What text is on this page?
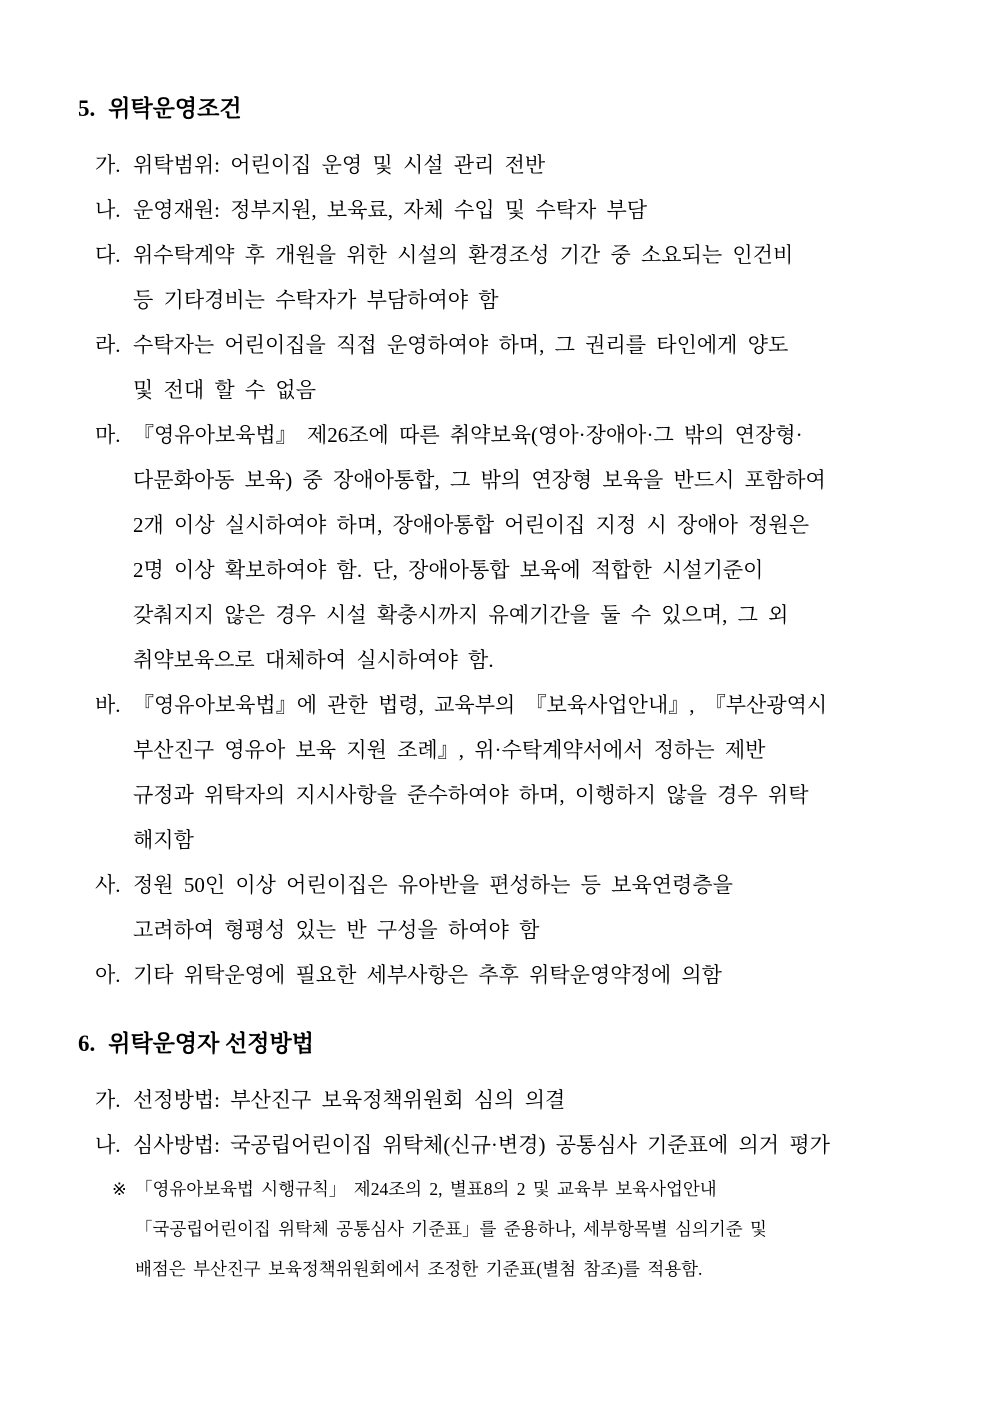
5. 위탁운영조건
가. 위탁범위: 어린이집 운영 및 시설 관리 전반
나. 운영재원: 정부지원, 보육료, 자체 수입 및 수탁자 부담
다. 위수탁계약 후 개원을 위한 시설의 환경조성 기간 중 소요되는 인건비
등 기타경비는 수탁자가 부담하여야 함
라. 수탁자는 어린이집을 직접 운영하여야 하며, 그 권리를 타인에게 양도
및 전대 할 수 없음
마. 『영유아보육법』 제26조에 따른 취약보육(영아·장애아·그 밖의 연장형·
다문화아동 보육) 중 장애아통합, 그 밖의 연장형 보육을 반드시 포함하여
2개 이상 실시하여야 하며, 장애아통합 어린이집 지정 시 장애아 정원은
2명 이상 확보하여야 함. 단, 장애아통합 보육에 적합한 시설기준이
갖춰지지 않은 경우 시설 확충시까지 유예기간을 둘 수 있으며, 그 외
취약보육으로 대체하여 실시하여야 함.
바. 『영유아보육법』에 관한 법령, 교육부의 『보육사업안내』, 『부산광역시
부산진구 영유아 보육 지원 조례』, 위·수탁계약서에서 정하는 제반
규정과 위탁자의 지시사항을 준수하여야 하며, 이행하지 않을 경우 위탁
해지함
사. 정원 50인 이상 어린이집은 유아반을 편성하는 등 보육연령층을
고려하여 형평성 있는 반 구성을 하여야 함
아. 기타 위탁운영에 필요한 세부사항은 추후 위탁운영약정에 의함
6. 위탁운영자 선정방법
가. 선정방법: 부산진구 보육정책위원회 심의 의결
나. 심사방법: 국공립어린이집 위탁체(신규·변경) 공통심사 기준표에 의거 평가
※ 「영유아보육법 시행규칙」 제24조의 2, 별표8의 2 및 교육부 보육사업안내
「국공립어린이집 위탁체 공통심사 기준표」를 준용하나, 세부항목별 심의기준 및
배점은 부산진구 보육정책위원회에서 조정한 기준표(별첨 참조)를 적용함.
